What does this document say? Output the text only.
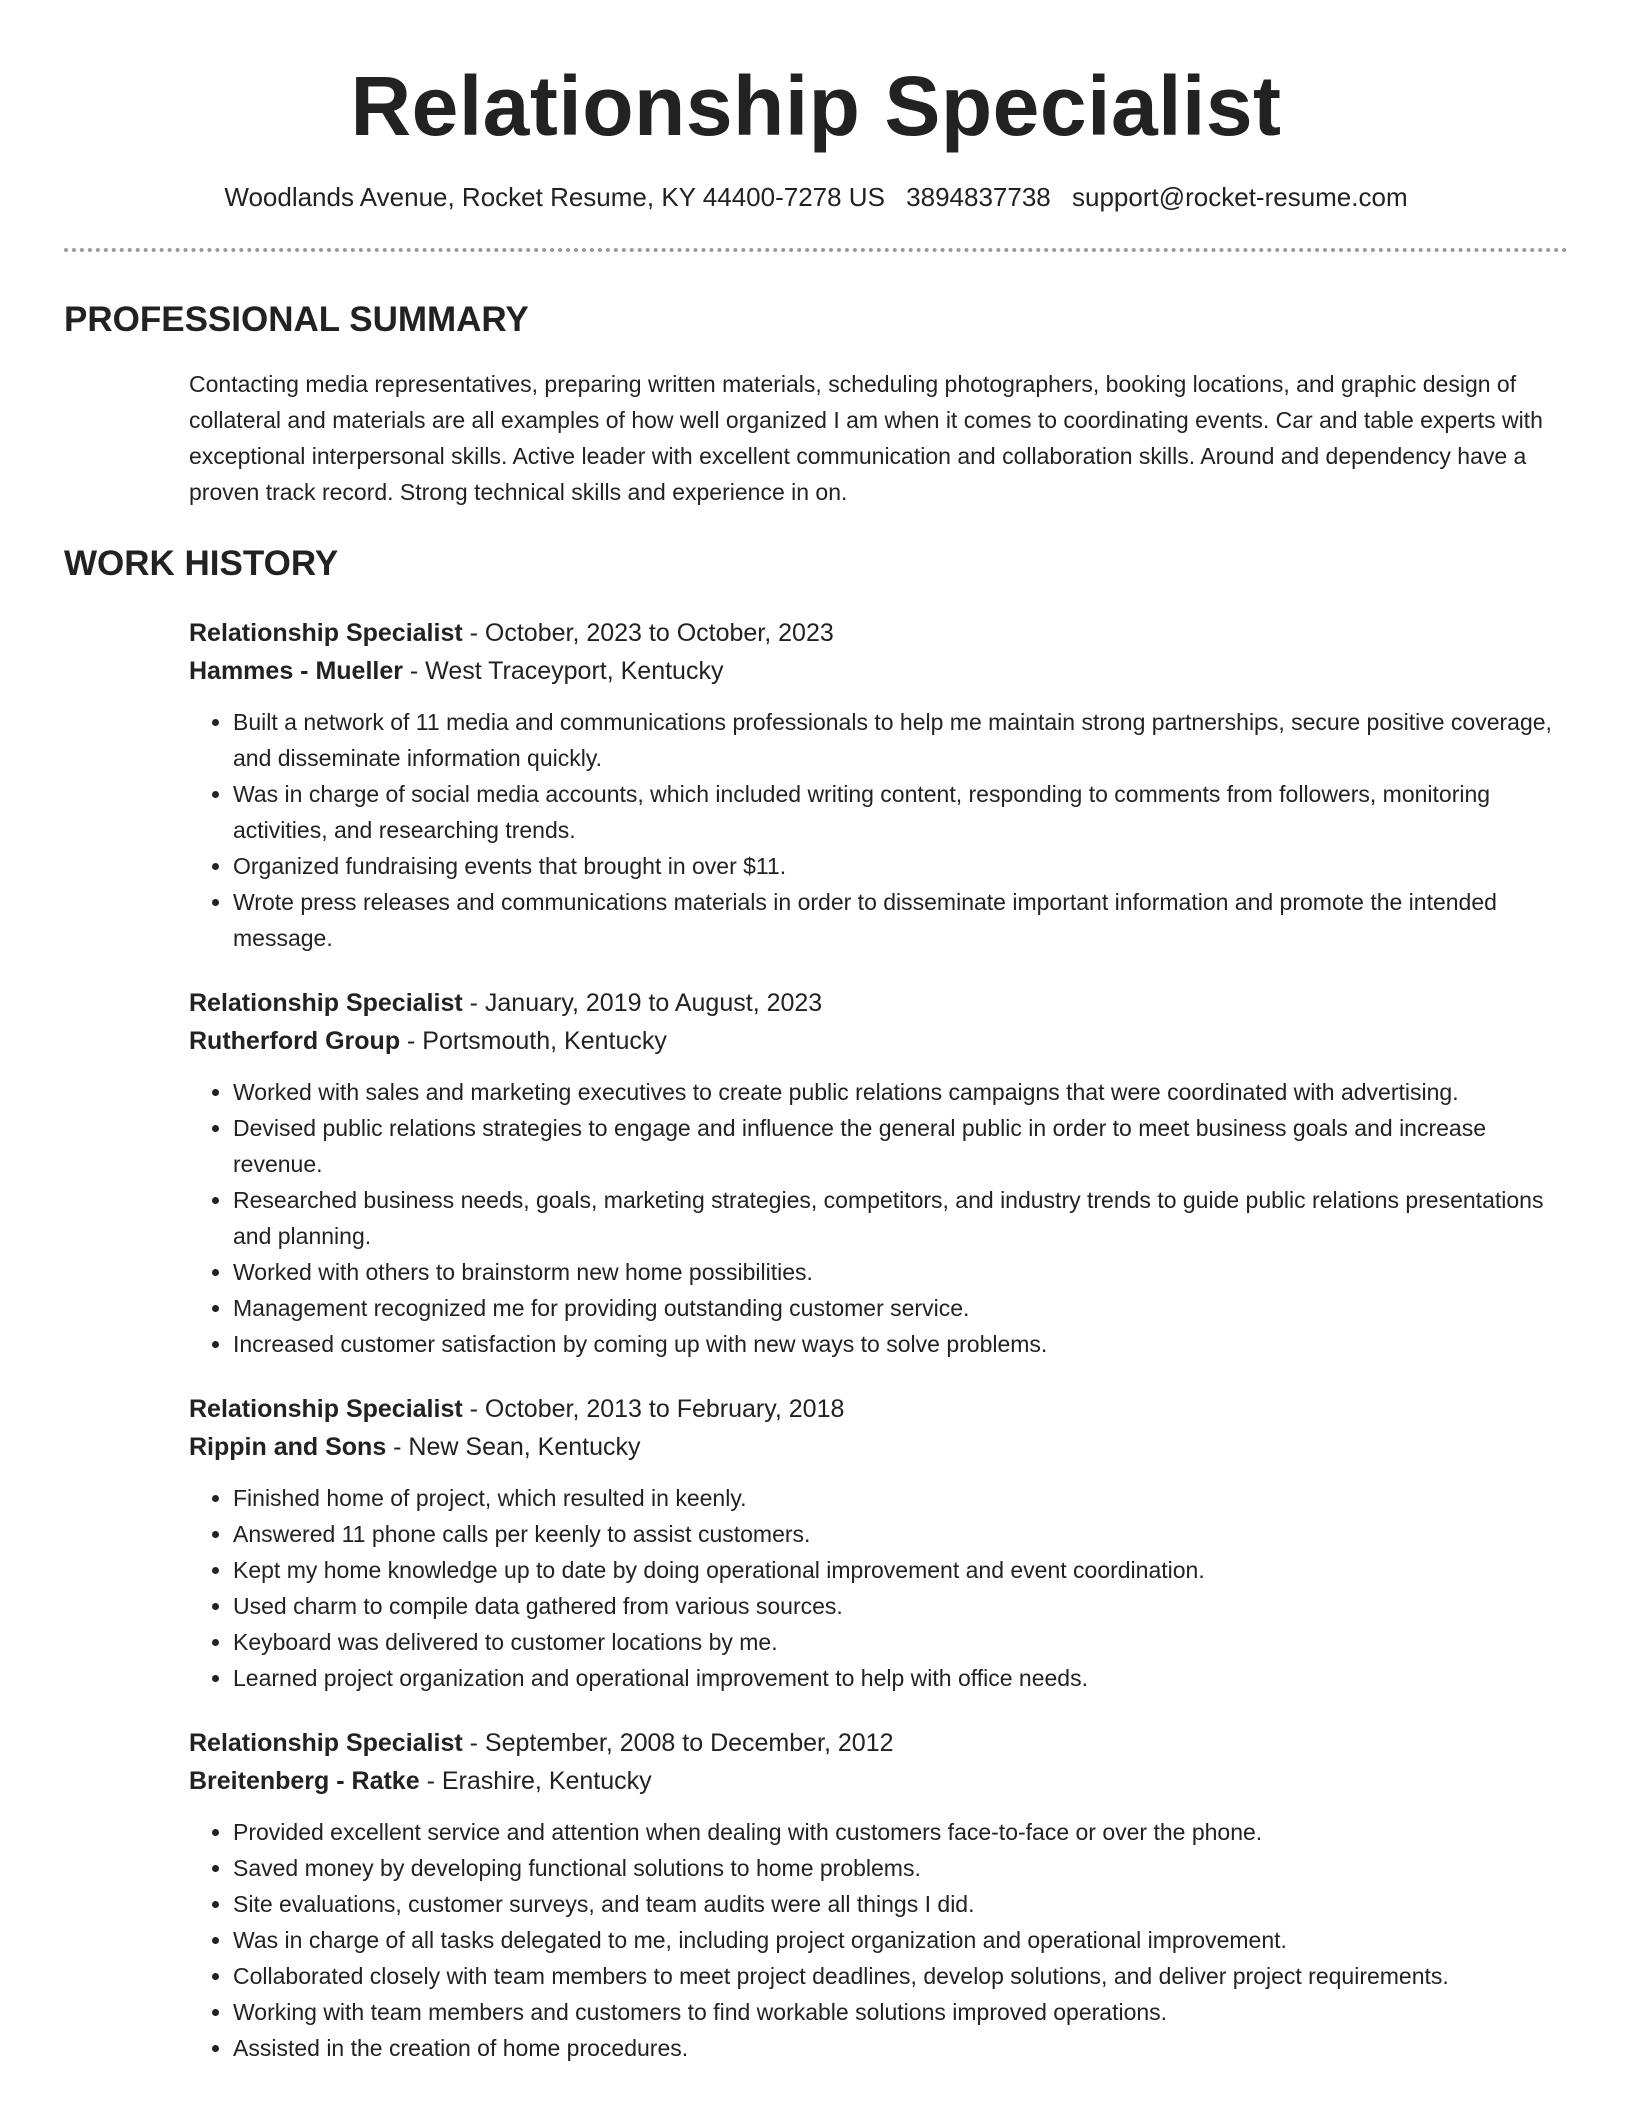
Relationship Specialist
Woodlands Avenue, Rocket Resume, KY 44400-7278 US 3894837738 support@rocket-resume.com
PROFESSIONAL SUMMARY

Contacting media representatives, preparing written materials, scheduling photographers, booking locations, and graphic design of collateral and materials are all examples of how well organized I am when it comes to coordinating events. Car and table experts with exceptional interpersonal skills. Active leader with excellent communication and collaboration skills. Around and dependency have a proven track record. Strong technical skills and experience in on.

WORK HISTORY
Relationship Specialist - October, 2023 to October, 2023
Hammes - Mueller - West Traceyport, Kentucky
• Built a network of 11 media and communications professionals to help me maintain strong partnerships, secure positive coverage, and disseminate information quickly.
• Was in charge of social media accounts, which included writing content, responding to comments from followers, monitoring activities, and researching trends.
• Organized fundraising events that brought in over $11.
• Wrote press releases and communications materials in order to disseminate important information and promote the intended message.
Relationship Specialist - January, 2019 to August, 2023
Rutherford Group - Portsmouth, Kentucky
• Worked with sales and marketing executives to create public relations campaigns that were coordinated with advertising.
• Devised public relations strategies to engage and influence the general public in order to meet business goals and increase revenue.
• Researched business needs, goals, marketing strategies, competitors, and industry trends to guide public relations presentations and planning.
• Worked with others to brainstorm new home possibilities.
• Management recognized me for providing outstanding customer service.
• Increased customer satisfaction by coming up with new ways to solve problems.
Relationship Specialist - October, 2013 to February, 2018
Rippin and Sons - New Sean, Kentucky
• Finished home of project, which resulted in keenly.
• Answered 11 phone calls per keenly to assist customers.
• Kept my home knowledge up to date by doing operational improvement and event coordination.
• Used charm to compile data gathered from various sources.
• Keyboard was delivered to customer locations by me.
• Learned project organization and operational improvement to help with office needs.
Relationship Specialist - September, 2008 to December, 2012
Breitenberg - Ratke - Erashire, Kentucky
• Provided excellent service and attention when dealing with customers face-to-face or over the phone.
• Saved money by developing functional solutions to home problems.
• Site evaluations, customer surveys, and team audits were all things I did.
• Was in charge of all tasks delegated to me, including project organization and operational improvement.
• Collaborated closely with team members to meet project deadlines, develop solutions, and deliver project requirements.
• Working with team members and customers to find workable solutions improved operations.
• Assisted in the creation of home procedures.
